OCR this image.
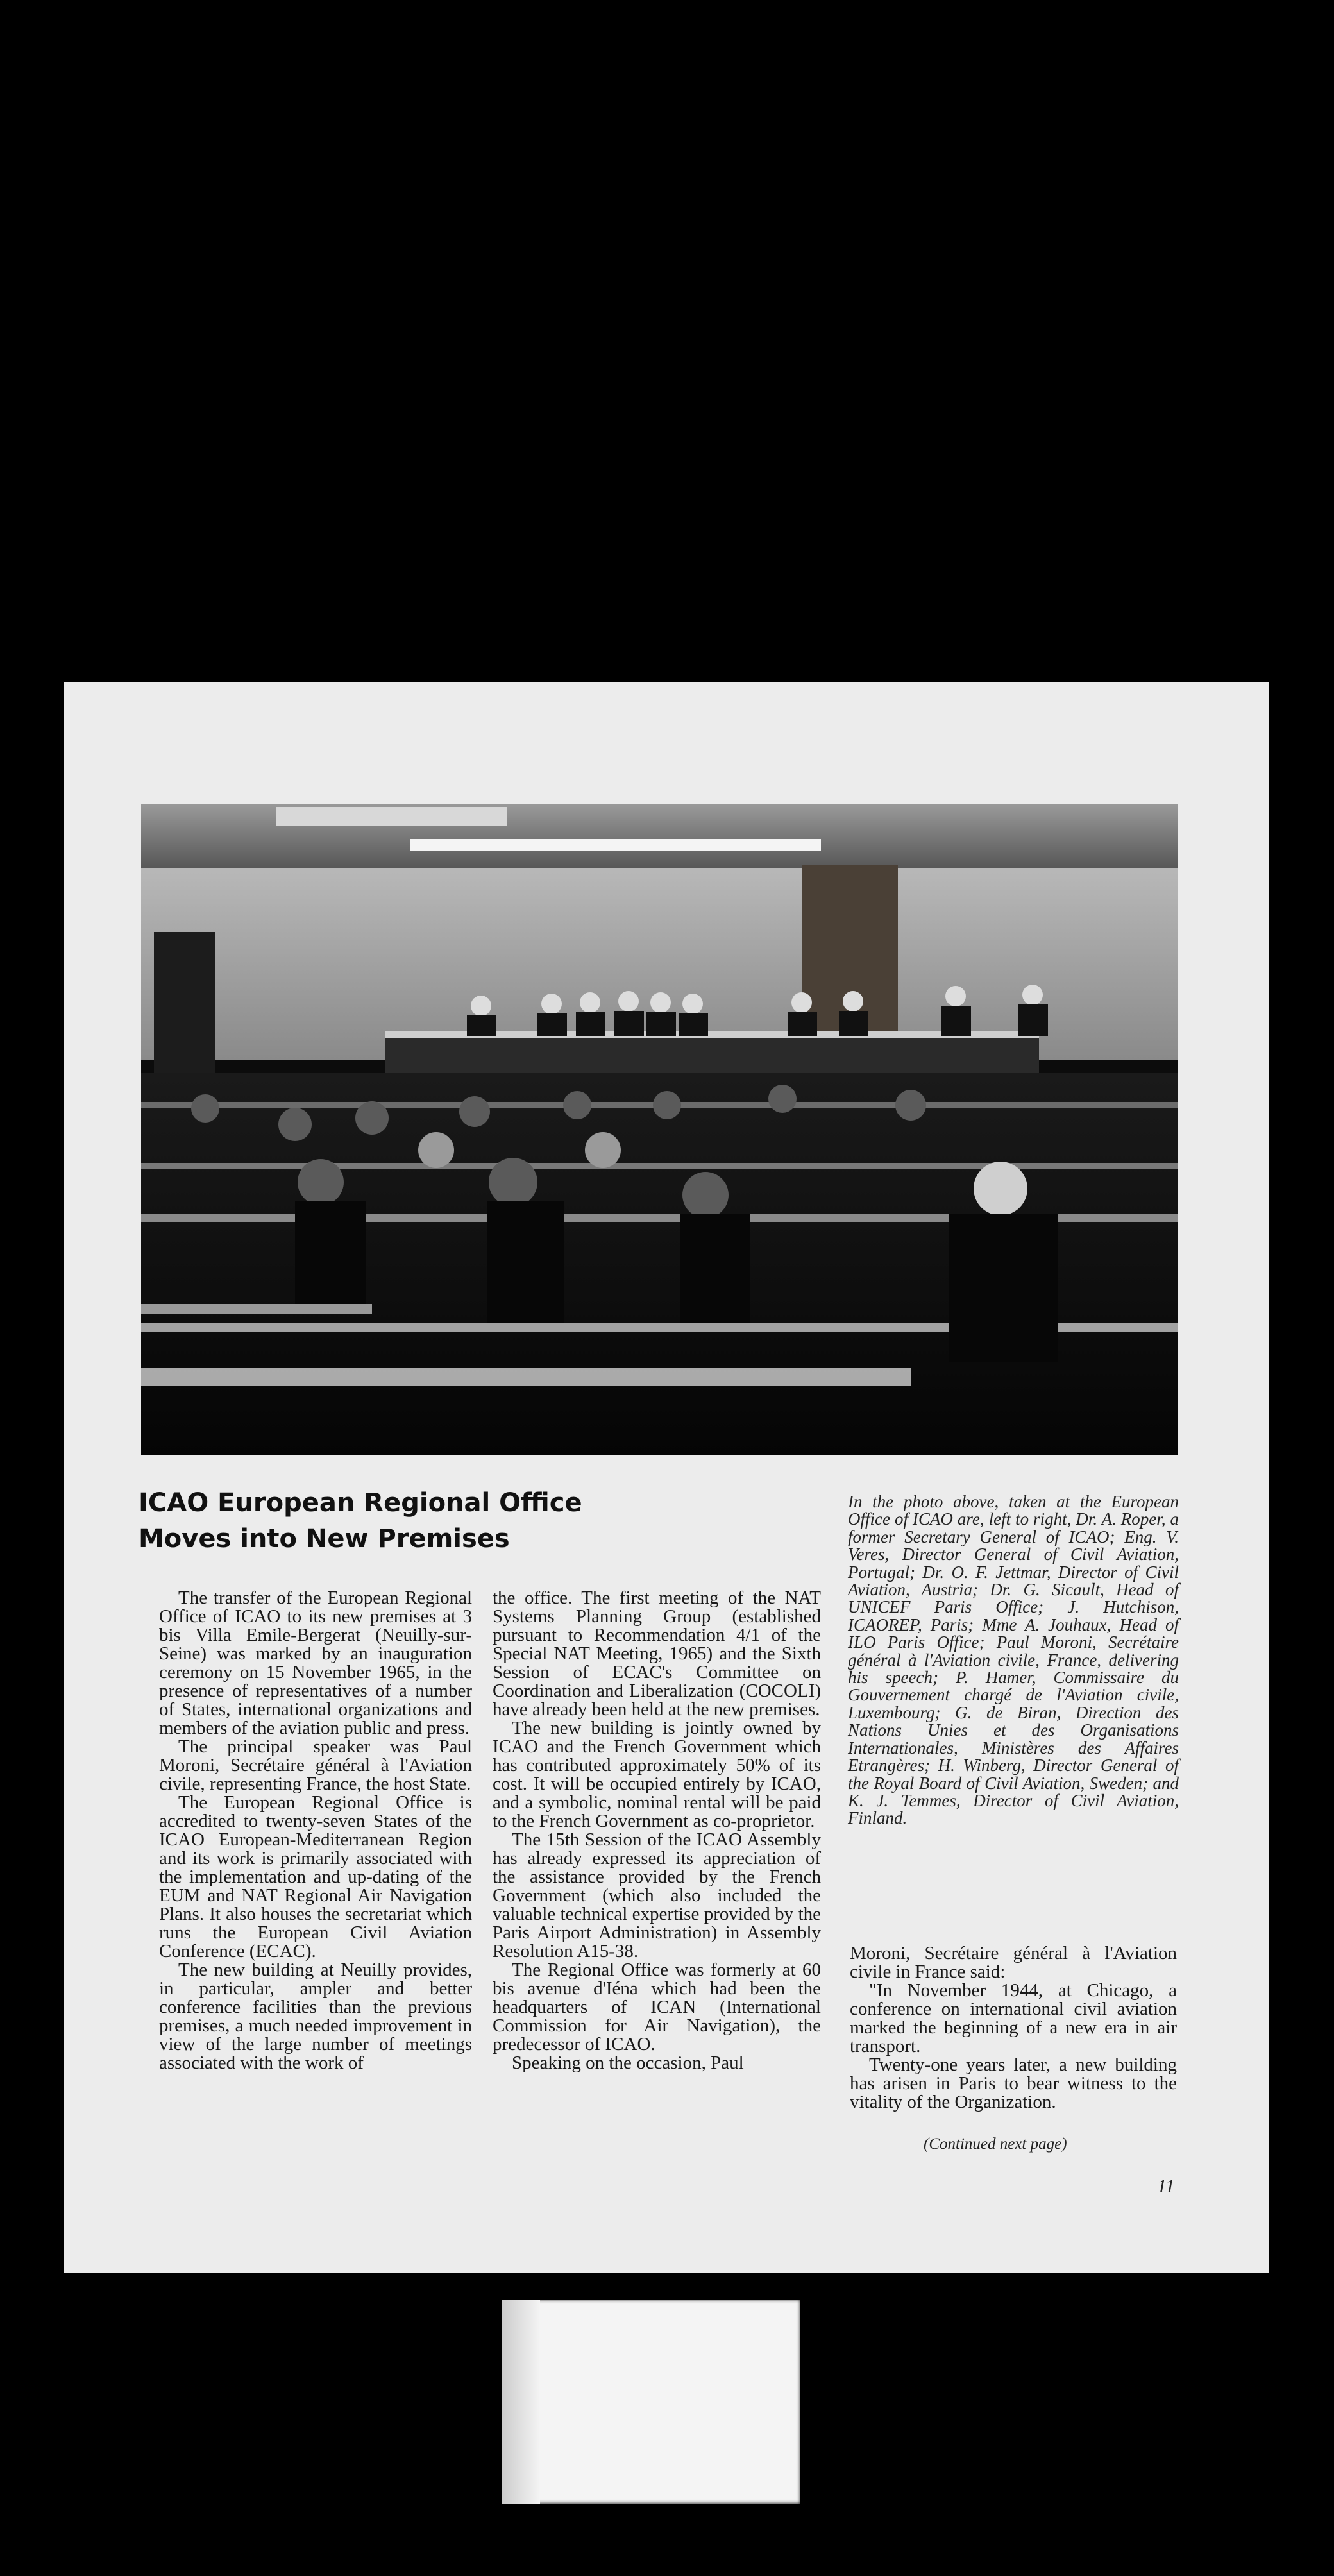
ICAO European Regional Office
Moves into New Premises

The transfer of the European Regional Office of ICAO to its new premises at 3 bis Villa Emile-Bergerat (Neuilly-sur-Seine) was marked by an inauguration ceremony on 15 November 1965, in the presence of representatives of a number of States, international organizations and members of the aviation public and press.

The principal speaker was Paul Moroni, Secrétaire général à l'Aviation civile, representing France, the host State.

The European Regional Office is accredited to twenty-seven States of the ICAO European-Mediterranean Region and its work is primarily associated with the implementation and up-dating of the EUM and NAT Regional Air Navigation Plans. It also houses the secretariat which runs the European Civil Aviation Conference (ECAC).

The new building at Neuilly provides, in particular, ampler and better conference facilities than the previous premises, a much needed improvement in view of the large number of meetings associated with the work of

the office. The first meeting of the NAT Systems Planning Group (established pursuant to Recommendation 4/1 of the Special NAT Meeting, 1965) and the Sixth Session of ECAC's Committee on Coordination and Liberalization (COCOLI) have already been held at the new premises.

The new building is jointly owned by ICAO and the French Government which has contributed approximately 50% of its cost. It will be occupied entirely by ICAO, and a symbolic, nominal rental will be paid to the French Government as co-proprietor.

The 15th Session of the ICAO Assembly has already expressed its appreciation of the assistance provided by the French Government (which also included the valuable technical expertise provided by the Paris Airport Administration) in Assembly Resolution A15-38.

The Regional Office was formerly at 60 bis avenue d'Iéna which had been the headquarters of ICAN (International Commission for Air Navigation), the predecessor of ICAO.

Speaking on the occasion, Paul

In the photo above, taken at the European Office of ICAO are, left to right, Dr. A. Roper, a former Secretary General of ICAO; Eng. V. Veres, Director General of Civil Aviation, Portugal; Dr. O. F. Jettmar, Director of Civil Aviation, Austria; Dr. G. Sicault, Head of UNICEF Paris Office; J. Hutchison, ICAOREP, Paris; Mme A. Jouhaux, Head of ILO Paris Office; Paul Moroni, Secrétaire général à l'Aviation civile, France, delivering his speech; P. Hamer, Commissaire du Gouvernement chargé de l'Aviation civile, Luxembourg; G. de Biran, Direction des Nations Unies et des Organisations Internationales, Ministères des Affaires Etrangères; H. Winberg, Director General of the Royal Board of Civil Aviation, Sweden; and K. J. Temmes, Director of Civil Aviation, Finland.

Moroni, Secrétaire général à l'Aviation civile in France said:

"In November 1944, at Chicago, a conference on international civil aviation marked the beginning of a new era in air transport.

Twenty-one years later, a new building has arisen in Paris to bear witness to the vitality of the Organization.

(Continued next page)
11
